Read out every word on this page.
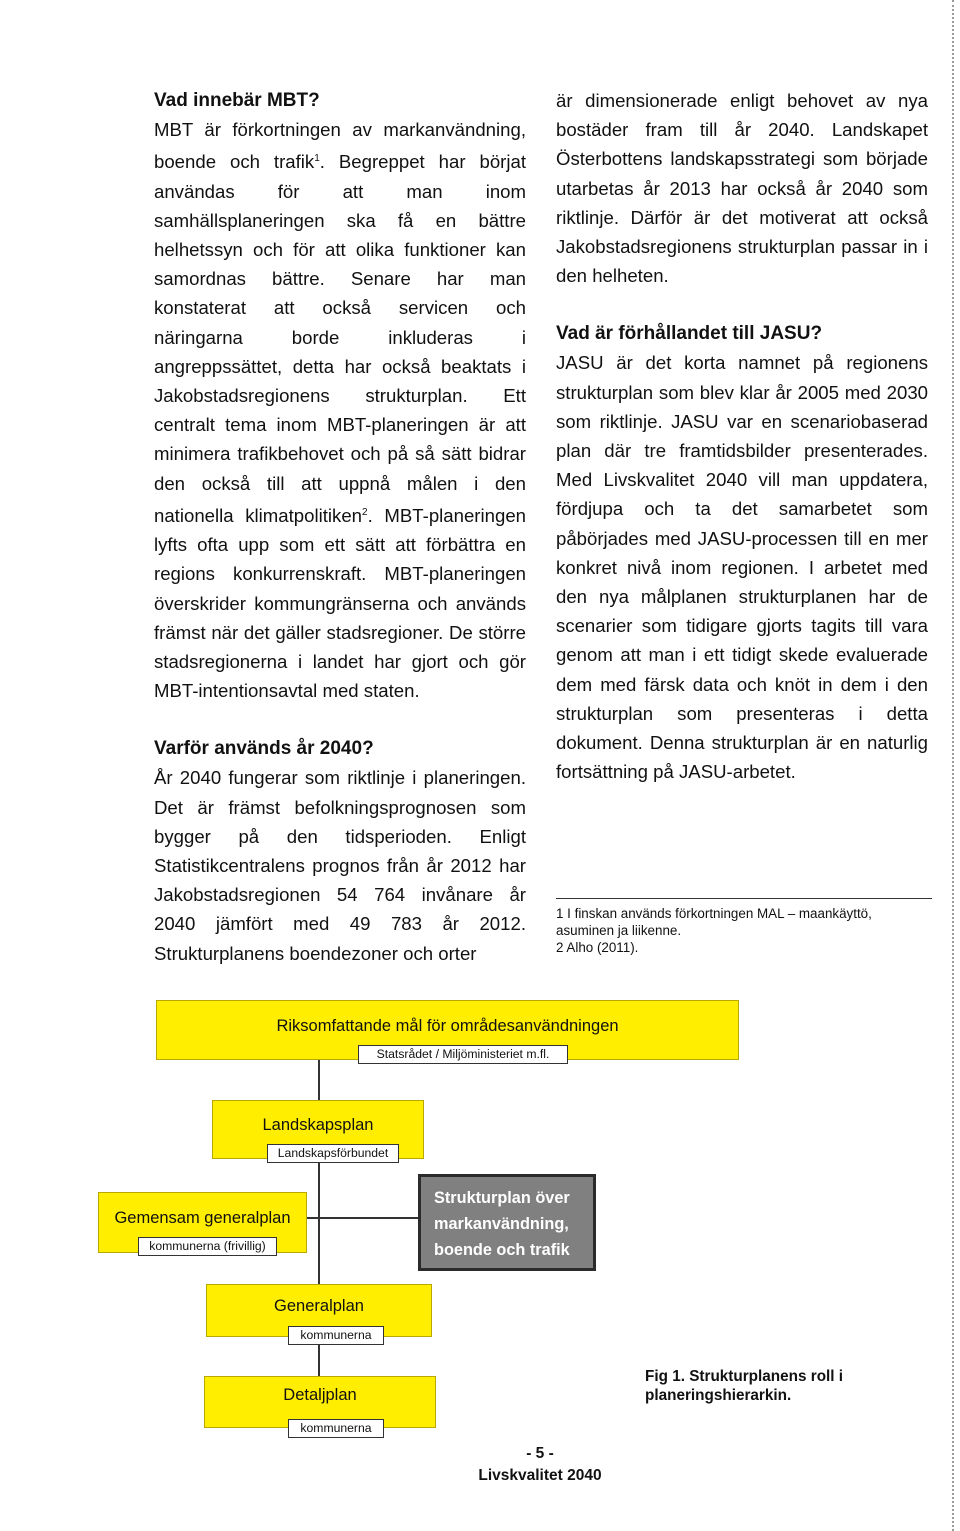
Vad innebär MBT?

MBT är förkortningen av markanvändning, boende och trafik$^1$. Begreppet har börjat användas för att man inom samhällsplaneringen ska få en bättre helhetssyn och för att olika funktioner kan samordnas bättre. Senare har man konstaterat att också servicen och näringarna borde inkluderas i angreppssättet, detta har också beaktats i Jakobstadsregionens strukturplan. Ett centralt tema inom MBT-planeringen är att minimera trafikbehovet och på så sätt bidrar den också till att uppnå målen i den nationella klimatpolitiken$^2$. MBT-planeringen lyfts ofta upp som ett sätt att förbättra en regions konkurrenskraft. MBT-planeringen överskrider kommungränserna och används främst när det gäller stadsregioner. De större stadsregionerna i landet har gjort och gör MBT-intentionsavtal med staten.

Varför används år 2040?

År 2040 fungerar som riktlinje i planeringen. Det är främst befolkningsprognosen som bygger på den tidsperioden. Enligt Statistikcentralens prognos från år 2012 har Jakobstadsregionen 54 764 invånare år 2040 jämfört med 49 783 år 2012. Strukturplanens boendezoner och orter

är dimensionerade enligt behovet av nya bostäder fram till år 2040. Landskapet Österbottens landskapsstrategi som började utarbetas år 2013 har också år 2040 som riktlinje. Därför är det motiverat att också Jakobstadsregionens strukturplan passar in i den helheten.

Vad är förhållandet till JASU?

JASU är det korta namnet på regionens strukturplan som blev klar år 2005 med 2030 som riktlinje. JASU var en scenariobaserad plan där tre framtidsbilder presenterades. Med Livskvalitet 2040 vill man uppdatera, fördjupa och ta det samarbetet som påbörjades med JASU-processen till en mer konkret nivå inom regionen. I arbetet med den nya målplanen strukturplanen har de scenarier som tidigare gjorts tagits till vara genom att man i ett tidigt skede evaluerade dem med färsk data och knöt in dem i den strukturplan som presenteras i detta dokument. Denna strukturplan är en naturlig fortsättning på JASU-arbetet.

1 I finskan används förkortningen MAL – maankäyttö, asuminen ja liikenne.

2 Alho (2011).

Riksomfattande mål för områdesanvändningen
Statsrådet / Miljöministeriet m.fl.
Landskapsplan
Landskapsförbundet
Gemensam generalplan
kommunerna (frivillig)
Strukturplan över markanvändning, boende och trafik
Generalplan
kommunerna
Detaljplan
kommunerna
Fig 1. Strukturplanens roll i planeringshierarkin.
- 5 -
Livskvalitet 2040
